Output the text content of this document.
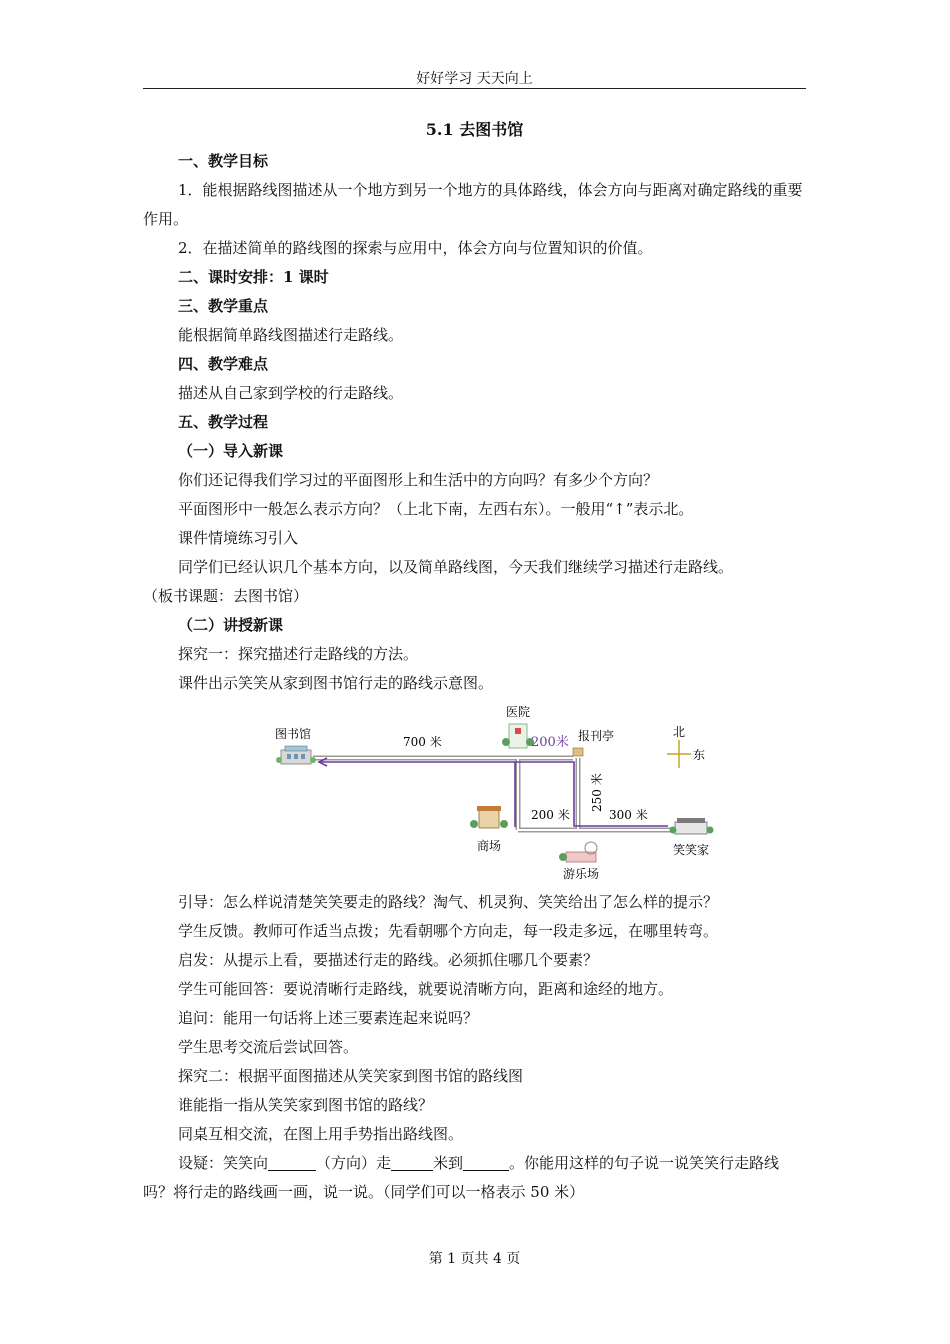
好好学习 天天向上
5.1 去图书馆

一、教学目标

1．能根据路线图描述从一个地方到另一个地方的具体路线，体会方向与距离对确定路线的重要作用。

2．在描述简单的路线图的探索与应用中，体会方向与位置知识的价值。

二、课时安排：1 课时

三、教学重点

能根据简单路线图描述行走路线。

四、教学难点

描述从自己家到学校的行走路线。

五、教学过程

（一）导入新课

你们还记得我们学习过的平面图形上和生活中的方向吗？有多少个方向？

平面图形中一般怎么表示方向？（上北下南，左西右东）。一般用“↑”表示北。

课件情境练习引入

同学们已经认识几个基本方向，以及简单路线图，今天我们继续学习描述行走路线。

（板书课题：去图书馆）

（二）讲授新课

探究一：探究描述行走路线的方法。

课件出示笑笑从家到图书馆行走的路线示意图。

图书馆
医院
200米 报刊亭
700 米
北
东
250 米
200 米	300 米
商场
游乐场
笑笑家

引导：怎么样说清楚笑笑要走的路线？淘气、机灵狗、笑笑给出了怎么样的提示？

学生反馈。教师可作适当点拨；先看朝哪个方向走，每一段走多远，在哪里转弯。

启发：从提示上看，要描述行走的路线。必须抓住哪几个要素？

学生可能回答：要说清晰行走路线，就要说清晰方向，距离和途经的地方。

追问：能用一句话将上述三要素连起来说吗？

学生思考交流后尝试回答。

探究二：根据平面图描述从笑笑家到图书馆的路线图

谁能指一指从笑笑家到图书馆的路线？

同桌互相交流，在图上用手势指出路线图。

设疑：笑笑向	（方向）走	米到	。你能用这样的句子说一说笑笑行走路线吗？将行走的路线画一画，说一说。（同学们可以一格表示 50 米）

第 1 页共 4 页
